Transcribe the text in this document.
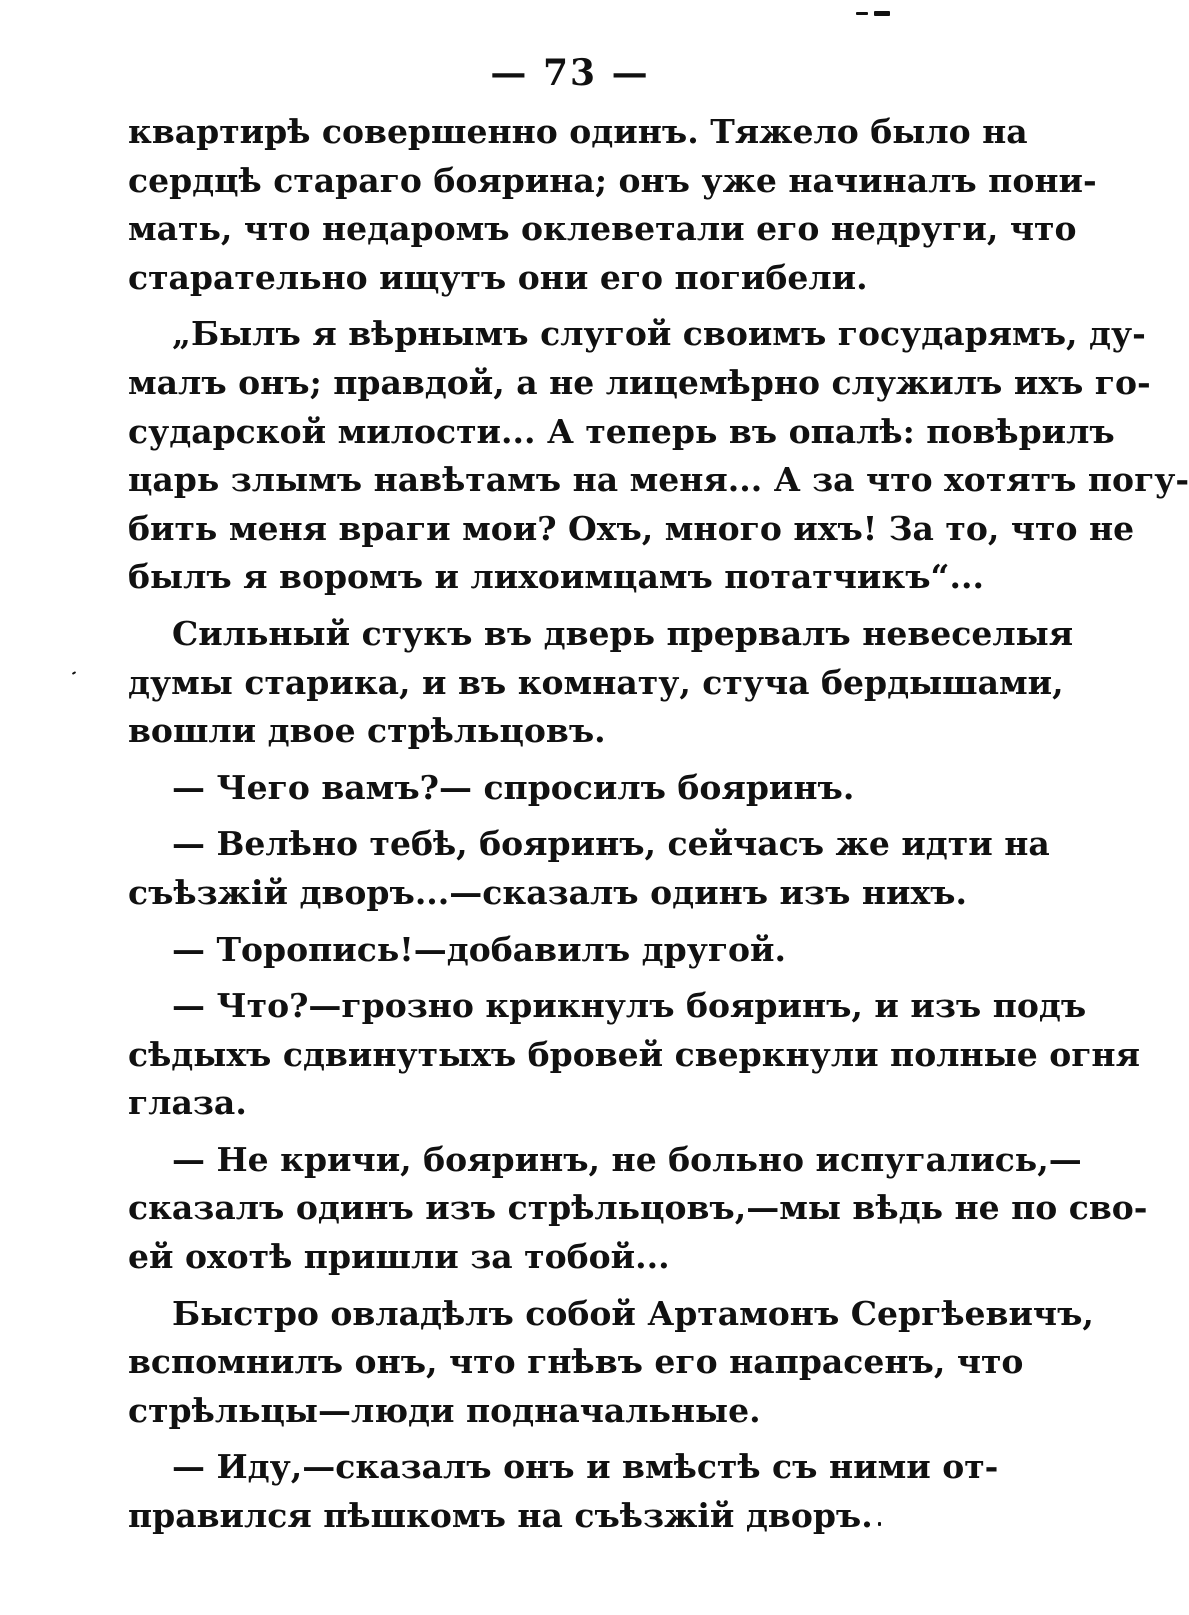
— 73 —
квартирѣ совершенно одинъ. Тяжело было на
сердцѣ стараго боярина; онъ уже начиналъ пони-
мать, что недаромъ оклеветали его недруги, что
старательно ищутъ они его погибели.
„Былъ я вѣрнымъ слугой своимъ государямъ, ду-
малъ онъ; правдой, а не лицемѣрно служилъ ихъ го-
сударской милости... А теперь въ опалѣ: повѣрилъ
царь злымъ навѣтамъ на меня... А за что хотятъ погу-
бить меня враги мои? Охъ, много ихъ! За то, что не
былъ я воромъ и лихоимцамъ потатчикъ“...
Сильный стукъ въ дверь прервалъ невеселыя
думы старика, и въ комнату, стуча бердышами,
вошли двое стрѣльцовъ.
— Чего вамъ?— спросилъ бояринъ.
— Велѣно тебѣ, бояринъ, сейчасъ же идти на
съѣзжій дворъ...—сказалъ одинъ изъ нихъ.
— Торопись!—добавилъ другой.
— Что?—грозно крикнулъ бояринъ, и изъ подъ
сѣдыхъ сдвинутыхъ бровей сверкнули полные огня
глаза.
— Не кричи, бояринъ, не больно испугались,—
сказалъ одинъ изъ стрѣльцовъ,—мы вѣдь не по сво-
ей охотѣ пришли за тобой...
Быстро овладѣлъ собой Артамонъ Сергѣевичъ,
вспомнилъ онъ, что гнѣвъ его напрасенъ, что
стрѣльцы—люди подначальные.
— Иду,—сказалъ онъ и вмѣстѣ съ ними от-
правился пѣшкомъ на съѣзжій дворъ.
